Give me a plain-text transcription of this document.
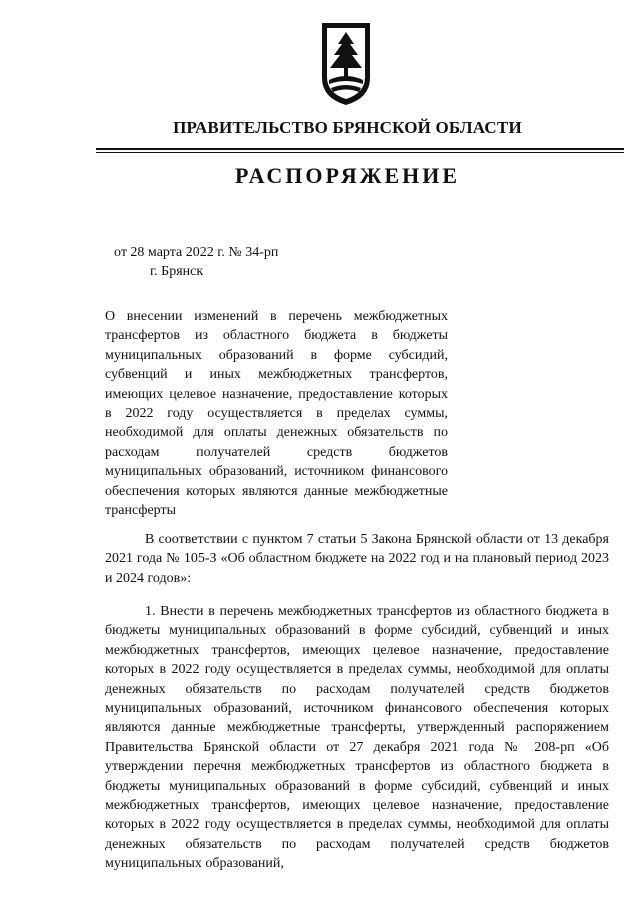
ПРАВИТЕЛЬСТВО БРЯНСКОЙ ОБЛАСТИ
РАСПОРЯЖЕНИЕ
от 28 марта 2022 г. № 34-рп
г. Брянск
О внесении изменений в перечень межбюджетных трансфертов из областного бюджета в бюджеты муниципальных образований в форме субсидий, субвенций и иных межбюджетных трансфертов, имеющих целевое назначение, предоставление которых в 2022 году осуществляется в пределах суммы, необходимой для оплаты денежных обязательств по расходам получателей средств бюджетов муниципальных образований, источником финансового обеспечения которых являются данные межбюджетные трансферты
В соответствии с пунктом 7 статьи 5 Закона Брянской области от 13 декабря 2021 года № 105-З «Об областном бюджете на 2022 год и на плановый период 2023 и 2024 годов»:
1. Внести в перечень межбюджетных трансфертов из областного бюджета в бюджеты муниципальных образований в форме субсидий, субвенций и иных межбюджетных трансфертов, имеющих целевое назначение, предоставление которых в 2022 году осуществляется в пределах суммы, необходимой для оплаты денежных обязательств по расходам получателей средств бюджетов муниципальных образований, источником финансового обеспечения которых являются данные межбюджетные трансферты, утвержденный распоряжением Правительства Брянской области от 27 декабря 2021 года № 208-рп «Об утверждении перечня межбюджетных трансфертов из областного бюджета в бюджеты муниципальных образований в форме субсидий, субвенций и иных межбюджетных трансфертов, имеющих целевое назначение, предоставление которых в 2022 году осуществляется в пределах суммы, необходимой для оплаты денежных обязательств по расходам получателей средств бюджетов муниципальных образований,
